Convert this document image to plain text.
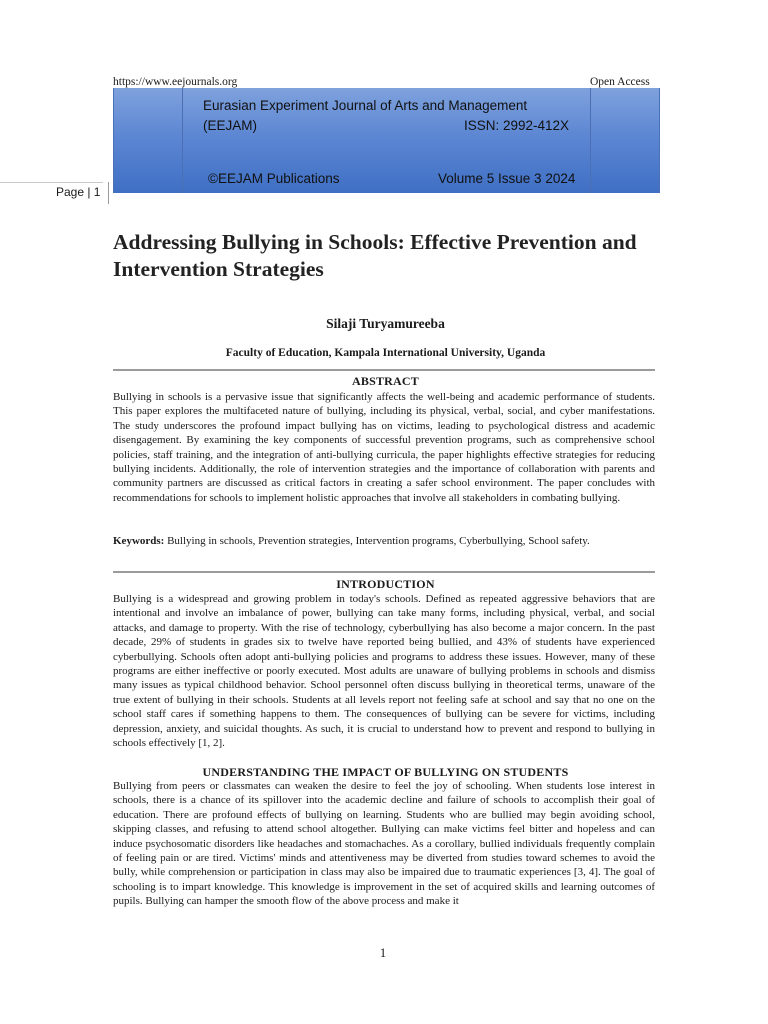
https://www.eejournals.org	Open Access
Eurasian Experiment Journal of Arts and Management
(EEJAM)	ISSN: 2992-412X
©EEJAM Publications	Volume 5 Issue 3 2024
Page | 1
Addressing Bullying in Schools: Effective Prevention and Intervention Strategies
Silaji Turyamureeba
Faculty of Education, Kampala International University, Uganda
ABSTRACT

Bullying in schools is a pervasive issue that significantly affects the well-being and academic performance of students. This paper explores the multifaceted nature of bullying, including its physical, verbal, social, and cyber manifestations. The study underscores the profound impact bullying has on victims, leading to psychological distress and academic disengagement. By examining the key components of successful prevention programs, such as comprehensive school policies, staff training, and the integration of anti-bullying curricula, the paper highlights effective strategies for reducing bullying incidents. Additionally, the role of intervention strategies and the importance of collaboration with parents and community partners are discussed as critical factors in creating a safer school environment. The paper concludes with recommendations for schools to implement holistic approaches that involve all stakeholders in combating bullying.

Keywords: Bullying in schools, Prevention strategies, Intervention programs, Cyberbullying, School safety.

INTRODUCTION

Bullying is a widespread and growing problem in today's schools. Defined as repeated aggressive behaviors that are intentional and involve an imbalance of power, bullying can take many forms, including physical, verbal, and social attacks, and damage to property. With the rise of technology, cyberbullying has also become a major concern. In the past decade, 29% of students in grades six to twelve have reported being bullied, and 43% of students have experienced cyberbullying. Schools often adopt anti-bullying policies and programs to address these issues. However, many of these programs are either ineffective or poorly executed. Most adults are unaware of bullying problems in schools and dismiss many issues as typical childhood behavior. School personnel often discuss bullying in theoretical terms, unaware of the true extent of bullying in their schools. Students at all levels report not feeling safe at school and say that no one on the school staff cares if something happens to them. The consequences of bullying can be severe for victims, including depression, anxiety, and suicidal thoughts. As such, it is crucial to understand how to prevent and respond to bullying in schools effectively [1, 2].

UNDERSTANDING THE IMPACT OF BULLYING ON STUDENTS

Bullying from peers or classmates can weaken the desire to feel the joy of schooling. When students lose interest in schools, there is a chance of its spillover into the academic decline and failure of schools to accomplish their goal of education. There are profound effects of bullying on learning. Students who are bullied may begin avoiding school, skipping classes, and refusing to attend school altogether. Bullying can make victims feel bitter and hopeless and can induce psychosomatic disorders like headaches and stomachaches. As a corollary, bullied individuals frequently complain of feeling pain or are tired. Victims' minds and attentiveness may be diverted from studies toward schemes to avoid the bully, while comprehension or participation in class may also be impaired due to traumatic experiences [3, 4]. The goal of schooling is to impart knowledge. This knowledge is improvement in the set of acquired skills and learning outcomes of pupils. Bullying can hamper the smooth flow of the above process and make it

1
